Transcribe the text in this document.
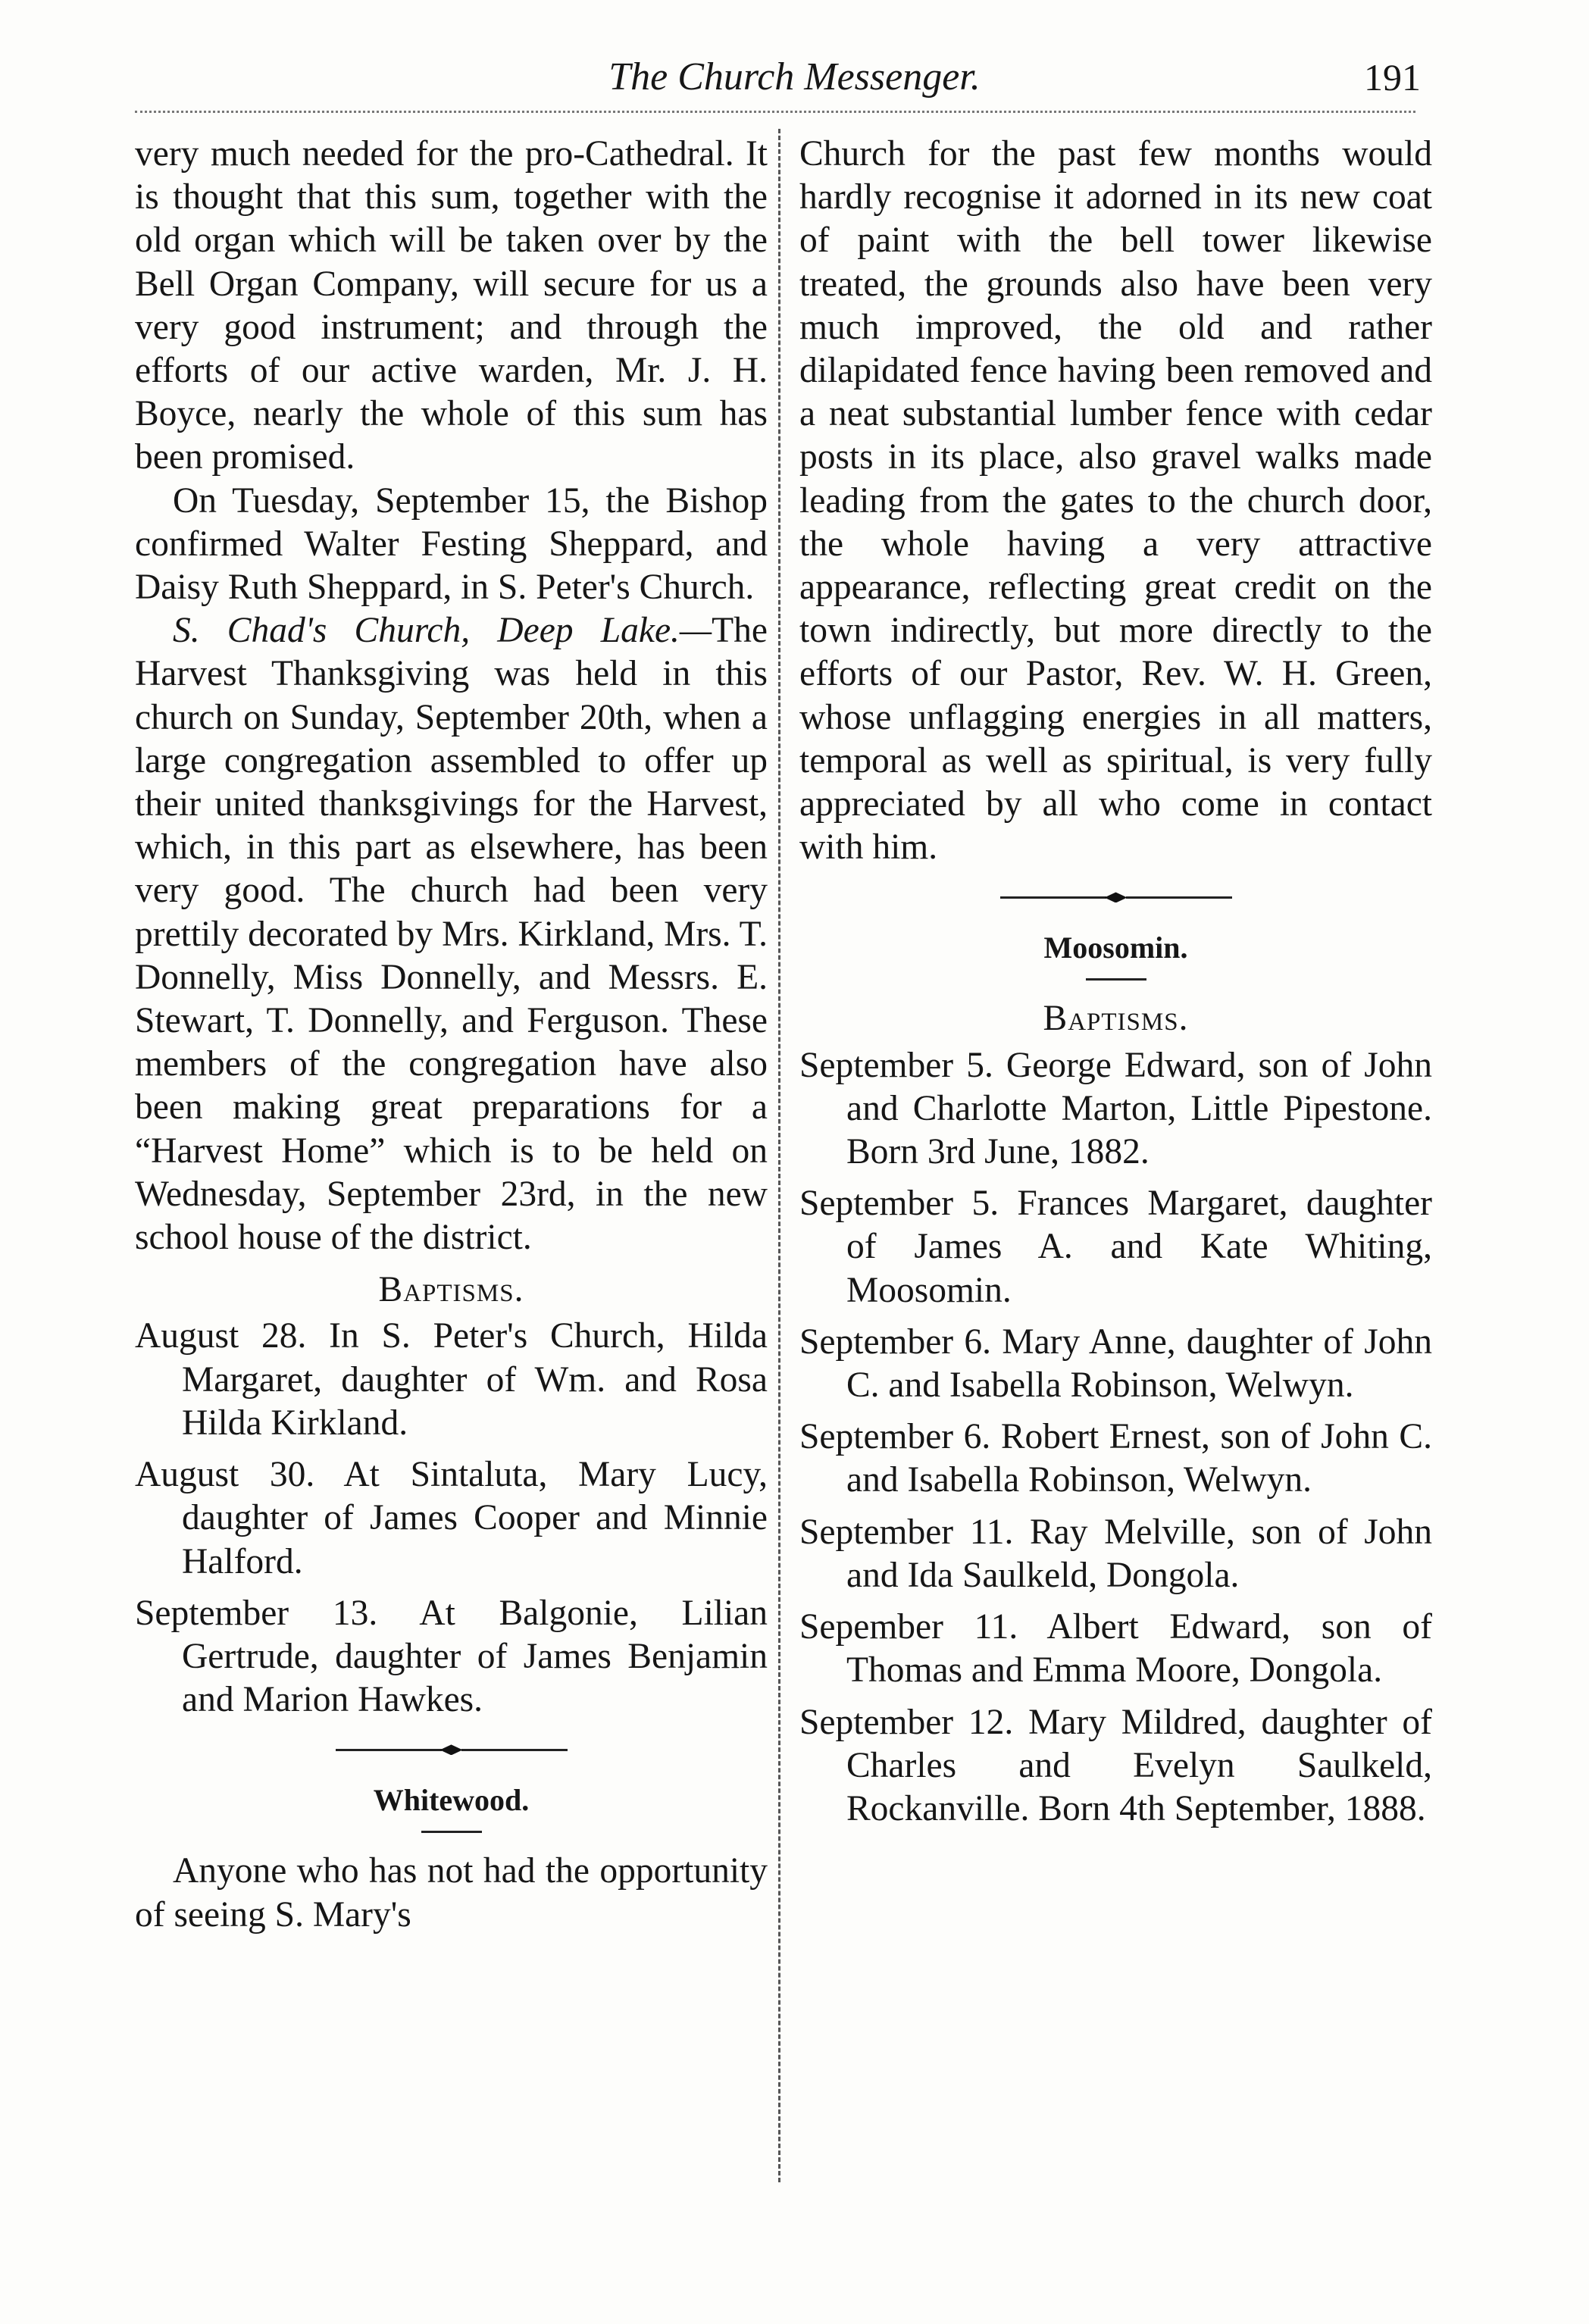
The Church Messenger.	191

very much needed for the pro-Cathedral. It is thought that this sum, together with the old organ which will be taken over by the Bell Organ Company, will secure for us a very good instrument; and through the efforts of our active warden, Mr. J. H. Boyce, nearly the whole of this sum has been promised.

On Tuesday, September 15, the Bishop confirmed Walter Festing Sheppard, and Daisy Ruth Sheppard, in S. Peter's Church.

S. Chad's Church, Deep Lake.—The Harvest Thanksgiving was held in this church on Sunday, September 20th, when a large congregation assembled to offer up their united thanksgivings for the Harvest, which, in this part as elsewhere, has been very good. The church had been very prettily decorated by Mrs. Kirkland, Mrs. T. Donnelly, Miss Donnelly, and Messrs. E. Stewart, T. Donnelly, and Ferguson. These members of the congregation have also been making great preparations for a “Harvest Home” which is to be held on Wednesday, September 23rd, in the new school house of the district.

Baptisms.
August 28. In S. Peter's Church, Hilda Margaret, daughter of Wm. and Rosa Hilda Kirkland.
August 30. At Sintaluta, Mary Lucy, daughter of James Cooper and Minnie Halford.
September 13. At Balgonie, Lilian Gertrude, daughter of James Benjamin and Marion Hawkes.
Whitewood.

Anyone who has not had the opportunity of seeing S. Mary's

Church for the past few months would hardly recognise it adorned in its new coat of paint with the bell tower likewise treated, the grounds also have been very much improved, the old and rather dilapidated fence having been removed and a neat substantial lumber fence with cedar posts in its place, also gravel walks made leading from the gates to the church door, the whole having a very attractive appearance, reflecting great credit on the town indirectly, but more directly to the efforts of our Pastor, Rev. W. H. Green, whose unflagging energies in all matters, temporal as well as spiritual, is very fully appreciated by all who come in contact with him.

Moosomin.
Baptisms.
September 5. George Edward, son of John and Charlotte Marton, Little Pipestone. Born 3rd June, 1882.
September 5. Frances Margaret, daughter of James A. and Kate Whiting, Moosomin.
September 6. Mary Anne, daughter of John C. and Isabella Robinson, Welwyn.
September 6. Robert Ernest, son of John C. and Isabella Robinson, Welwyn.
September 11. Ray Melville, son of John and Ida Saulkeld, Dongola.
Sepember 11. Albert Edward, son of Thomas and Emma Moore, Dongola.
September 12. Mary Mildred, daughter of Charles and Evelyn Saulkeld, Rockanville. Born 4th September, 1888.
